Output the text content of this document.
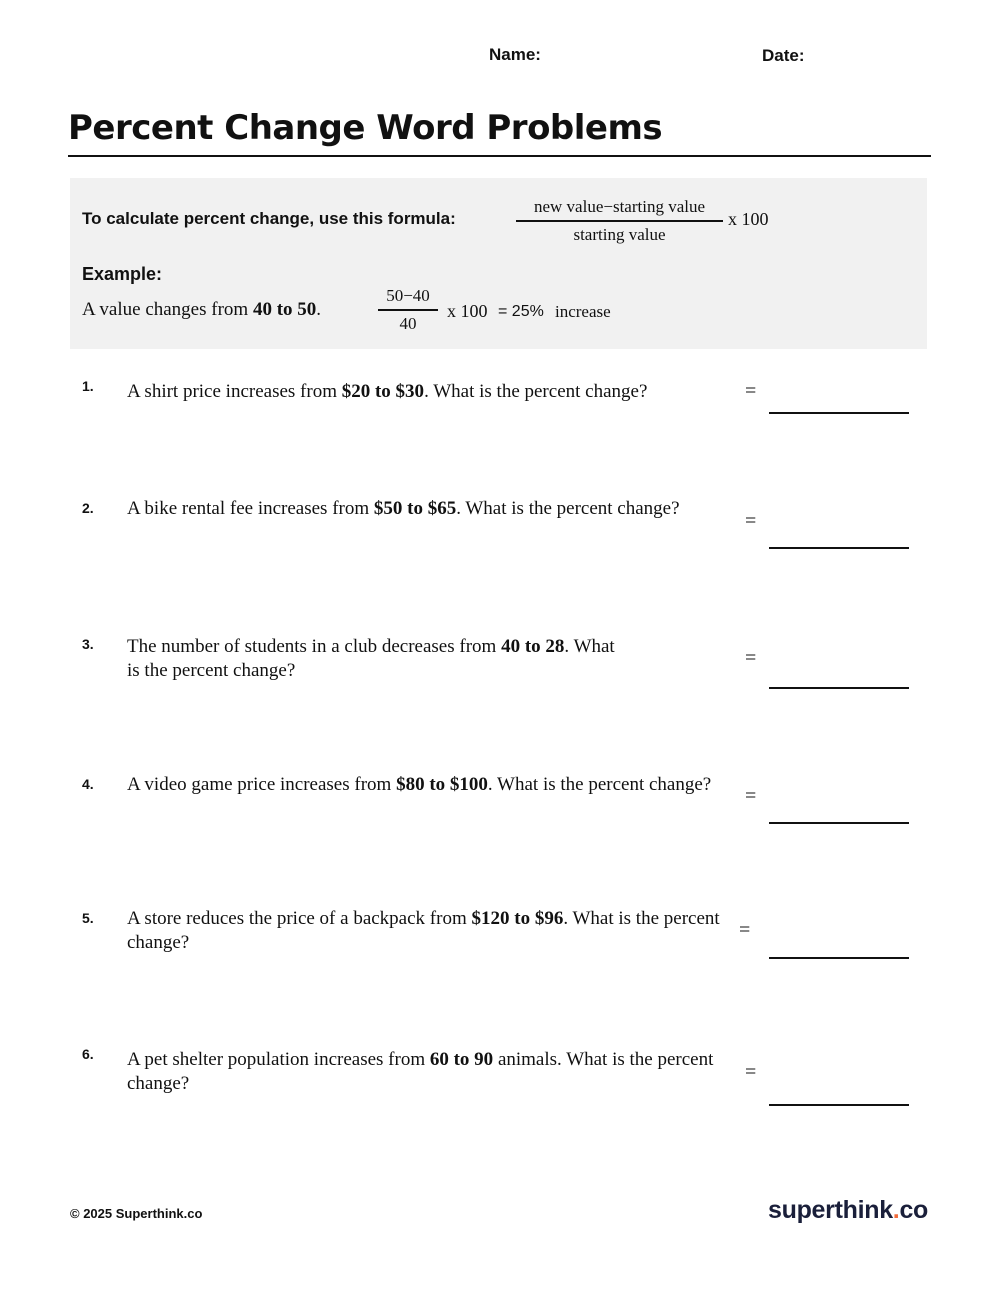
Name:	Date:
Percent Change Word Problems
To calculate percent change, use this formula:
new value−starting value
starting value
x 100
Example:
A value changes from 40 to 50.
50−40
40
x 100 = 25% increase
1. A shirt price increases from $20 to $30. What is the percent change?	=
2. A bike rental fee increases from $50 to $65. What is the percent change?
=
3. The number of students in a club decreases from 40 to 28. What is the percent change?
=
4. A video game price increases from $80 to $100. What is the percent change?
=
5. A store reduces the price of a backpack from $120 to $96. What is the percent change?
=
6. A pet shelter population increases from 60 to 90 animals. What is the percent change?
=
© 2025 Superthink.co	superthink.co
